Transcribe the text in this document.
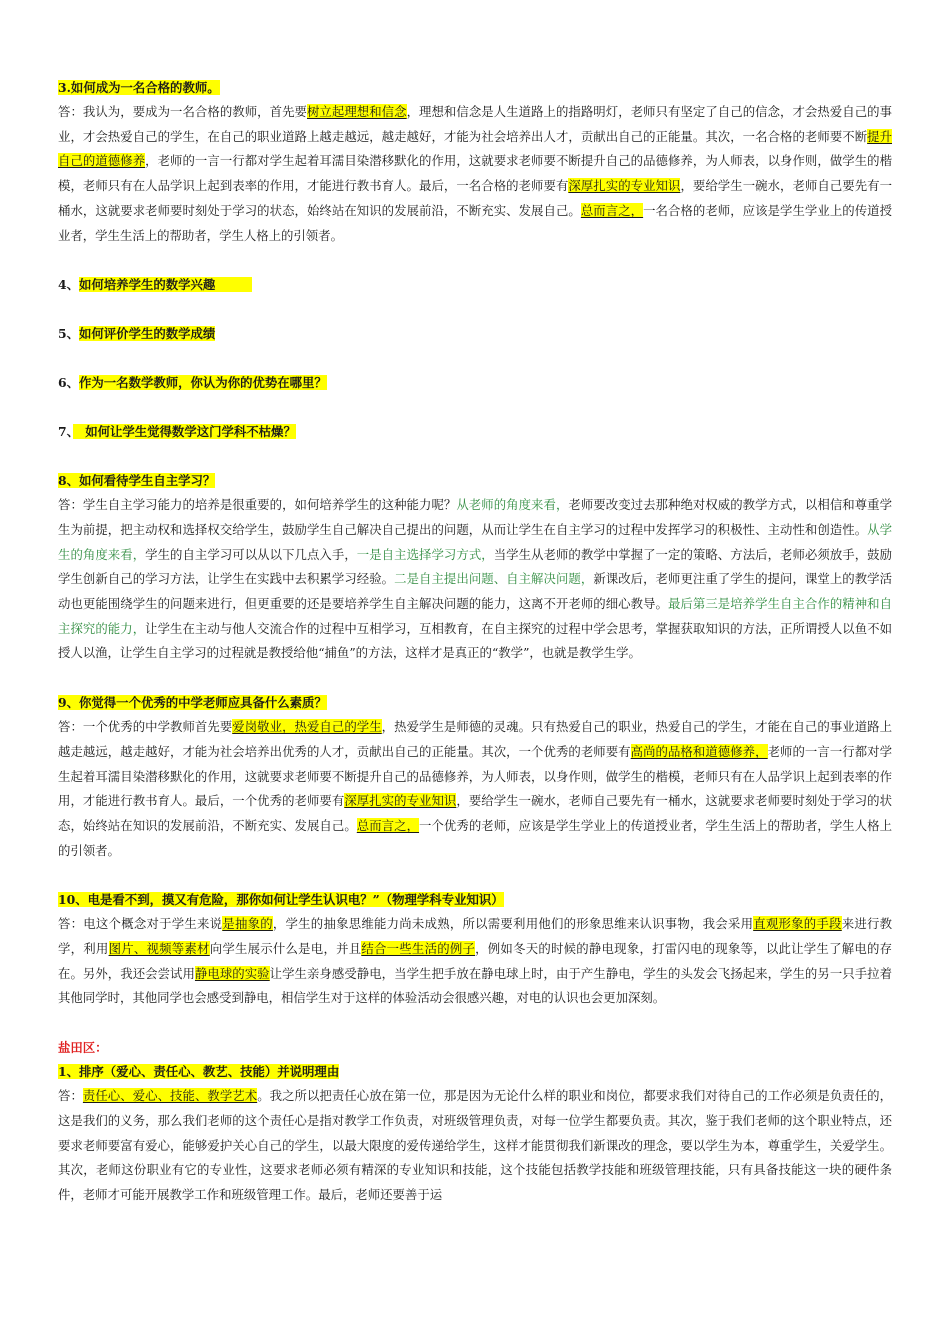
3.如何成为一名合格的教师。
答：我认为，要成为一名合格的教师，首先要树立起理想和信念，理想和信念是人生道路上的指路明灯，老师只有坚定了自己的信念，才会热爱自己的事业，才会热爱自己的学生，在自己的职业道路上越走越远，越走越好，才能为社会培养出人才，贡献出自己的正能量。其次，一名合格的老师要不断提升自己的道德修养，老师的一言一行都对学生起着耳濡目染潜移默化的作用，这就要求老师要不断提升自己的品德修养，为人师表，以身作则，做学生的楷模，老师只有在人品学识上起到表率的作用，才能进行教书育人。最后，一名合格的老师要有深厚扎实的专业知识，要给学生一碗水，老师自己要先有一桶水，这就要求老师要时刻处于学习的状态，始终站在知识的发展前沿，不断充实、发展自己。总而言之，一名合格的老师，应该是学生学业上的传道授业者，学生生活上的帮助者，学生人格上的引领者。
4、如何培养学生的数学兴趣　　　
5、如何评价学生的数学成绩
6、作为一名数学教师，你认为你的优势在哪里？
7、　如何让学生觉得数学这门学科不枯燥？
8、如何看待学生自主学习？
答：学生自主学习能力的培养是很重要的，如何培养学生的这种能力呢？从老师的角度来看，老师要改变过去那种绝对权威的教学方式，以相信和尊重学生为前提，把主动权和选择权交给学生，鼓励学生自己解决自己提出的问题，从而让学生在自主学习的过程中发挥学习的积极性、主动性和创造性。从学生的角度来看，学生的自主学习可以从以下几点入手，一是自主选择学习方式，当学生从老师的教学中掌握了一定的策略、方法后，老师必须放手，鼓励学生创新自己的学习方法，让学生在实践中去积累学习经验。二是自主提出问题、自主解决问题，新课改后，老师更注重了学生的提问，课堂上的教学活动也更能围绕学生的问题来进行，但更重要的还是要培养学生自主解决问题的能力，这离不开老师的细心教导。最后第三是培养学生自主合作的精神和自主探究的能力，让学生在主动与他人交流合作的过程中互相学习，互相教育，在自主探究的过程中学会思考，掌握获取知识的方法，正所谓授人以鱼不如授人以渔，让学生自主学习的过程就是教授给他“捕鱼”的方法，这样才是真正的“教学”，也就是教学生学。
9、你觉得一个优秀的中学老师应具备什么素质？
答：一个优秀的中学教师首先要爱岗敬业，热爱自己的学生，热爱学生是师德的灵魂。只有热爱自己的职业，热爱自己的学生，才能在自己的事业道路上越走越远，越走越好，才能为社会培养出优秀的人才，贡献出自己的正能量。其次，一个优秀的老师要有高尚的品格和道德修养，老师的一言一行都对学生起着耳濡目染潜移默化的作用，这就要求老师要不断提升自己的品德修养，为人师表，以身作则，做学生的楷模，老师只有在人品学识上起到表率的作用，才能进行教书育人。最后，一个优秀的老师要有深厚扎实的专业知识，要给学生一碗水，老师自己要先有一桶水，这就要求老师要时刻处于学习的状态，始终站在知识的发展前沿，不断充实、发展自己。总而言之，一个优秀的老师，应该是学生学业上的传道授业者，学生生活上的帮助者，学生人格上的引领者。
10、电是看不到，摸又有危险，那你如何让学生认识电？”（物理学科专业知识）
答：电这个概念对于学生来说是抽象的，学生的抽象思维能力尚未成熟，所以需要利用他们的形象思维来认识事物，我会采用直观形象的手段来进行教学，利用图片、视频等素材向学生展示什么是电，并且结合一些生活的例子，例如冬天的时候的静电现象，打雷闪电的现象等，以此让学生了解电的存在。另外，我还会尝试用静电球的实验让学生亲身感受静电，当学生把手放在静电球上时，由于产生静电，学生的头发会飞扬起来，学生的另一只手拉着其他同学时，其他同学也会感受到静电，相信学生对于这样的体验活动会很感兴趣，对电的认识也会更加深刻。
盐田区：
1、排序（爱心、责任心、教艺、技能）并说明理由
答：责任心、爱心、技能、教学艺术。我之所以把责任心放在第一位，那是因为无论什么样的职业和岗位，都要求我们对待自己的工作必须是负责任的，这是我们的义务，那么我们老师的这个责任心是指对教学工作负责，对班级管理负责，对每一位学生都要负责。其次，鉴于我们老师的这个职业特点，还要求老师要富有爱心，能够爱护关心自己的学生，以最大限度的爱传递给学生，这样才能贯彻我们新课改的理念，要以学生为本，尊重学生，关爱学生。其次，老师这份职业有它的专业性，这要求老师必须有精深的专业知识和技能，这个技能包括教学技能和班级管理技能，只有具备技能这一块的硬件条件，老师才可能开展教学工作和班级管理工作。最后，老师还要善于运
